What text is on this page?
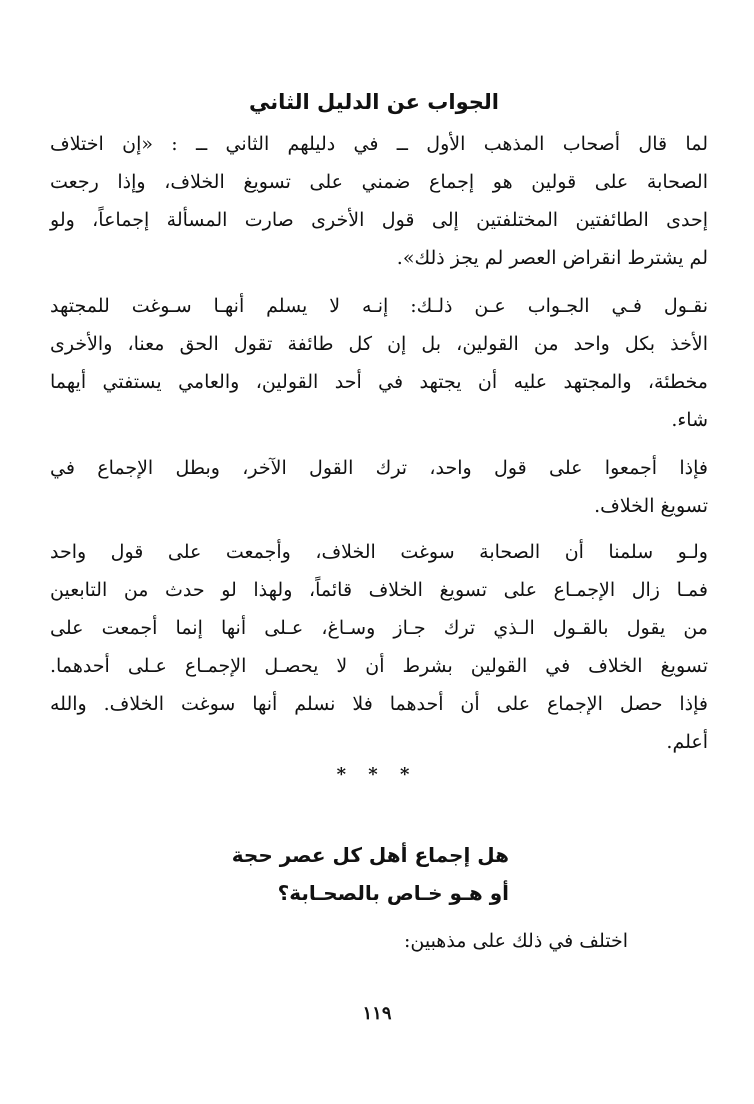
الجواب عن الدليل الثاني

لما قال أصحاب المذهب الأول ــ في دليلهم الثاني ــ : «إن اختلاف

الصحابة على قولين هو إجماع ضمني على تسويغ الخلاف، وإذا رجعت

إحدى الطائفتين المختلفتين إلى قول الأخرى صارت المسألة إجماعاً، ولو

لم يشترط انقراض العصر لم يجز ذلك».

نقـول فـي الجـواب عـن ذلـك: إنـه لا يسلم أنهـا سـوغت للمجتهد

الأخذ بكل واحد من القولين، بل إن كل طائفة تقول الحق معنا، والأخرى

مخطئة، والمجتهد عليه أن يجتهد في أحد القولين، والعامي يستفتي أيهما

شاء.

فإذا أجمعوا على قول واحد، ترك القول الآخر، وبطل الإجماع في

تسويغ الخلاف.

ولـو سلمنا أن الصحابة سوغت الخلاف، وأجمعت على قول واحد

فمـا زال الإجمـاع على تسويغ الخلاف قائماً، ولهذا لو حدث من التابعين

من يقول بالقـول الـذي ترك جـاز وسـاغ، عـلى أنها إنما أجمعت على

تسويغ الخلاف في القولين بشرط أن لا يحصـل الإجمـاع عـلى أحدهما.

فإذا حصل الإجماع على أن أحدهما فلا نسلم أنها سوغت الخلاف. والله

أعلم.

* * *
هل إجماع أهل كل عصر حجة
أو هـو خـاص بالصحـابة؟
اختلف في ذلك على مذهبين:
١١٩
